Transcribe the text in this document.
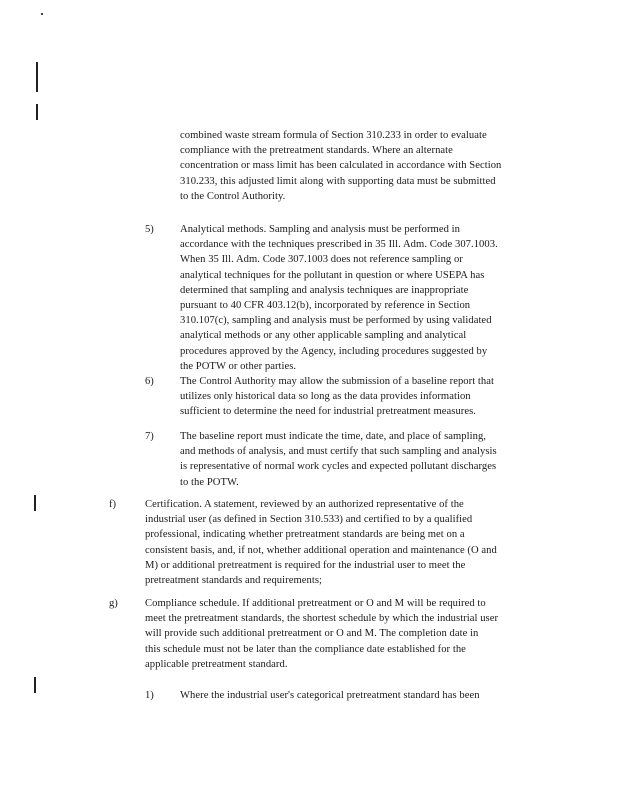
combined waste stream formula of Section 310.233 in order to evaluate
compliance with the pretreatment standards. Where an alternate
concentration or mass limit has been calculated in accordance with Section
310.233, this adjusted limit along with supporting data must be submitted
to the Control Authority.
5) Analytical methods. Sampling and analysis must be performed in
accordance with the techniques prescribed in 35 Ill. Adm. Code 307.1003.
When 35 Ill. Adm. Code 307.1003 does not reference sampling or
analytical techniques for the pollutant in question or where USEPA has
determined that sampling and analysis techniques are inappropriate
pursuant to 40 CFR 403.12(b), incorporated by reference in Section
310.107(c), sampling and analysis must be performed by using validated
analytical methods or any other applicable sampling and analytical
procedures approved by the Agency, including procedures suggested by
the POTW or other parties.
6) The Control Authority may allow the submission of a baseline report that
utilizes only historical data so long as the data provides information
sufficient to determine the need for industrial pretreatment measures.
7) The baseline report must indicate the time, date, and place of sampling,
and methods of analysis, and must certify that such sampling and analysis
is representative of normal work cycles and expected pollutant discharges
to the POTW.
f)	Certification. A statement, reviewed by an authorized representative of the
industrial user (as defined in Section 310.533) and certified to by a qualified
professional, indicating whether pretreatment standards are being met on a
consistent basis, and, if not, whether additional operation and maintenance (O and
M) or additional pretreatment is required for the industrial user to meet the
pretreatment standards and requirements;
g)	Compliance schedule. If additional pretreatment or O and M will be required to
meet the pretreatment standards, the shortest schedule by which the industrial user
will provide such additional pretreatment or O and M. The completion date in
this schedule must not be later than the compliance date established for the
applicable pretreatment standard.
1) Where the industrial user's categorical pretreatment standard has been
